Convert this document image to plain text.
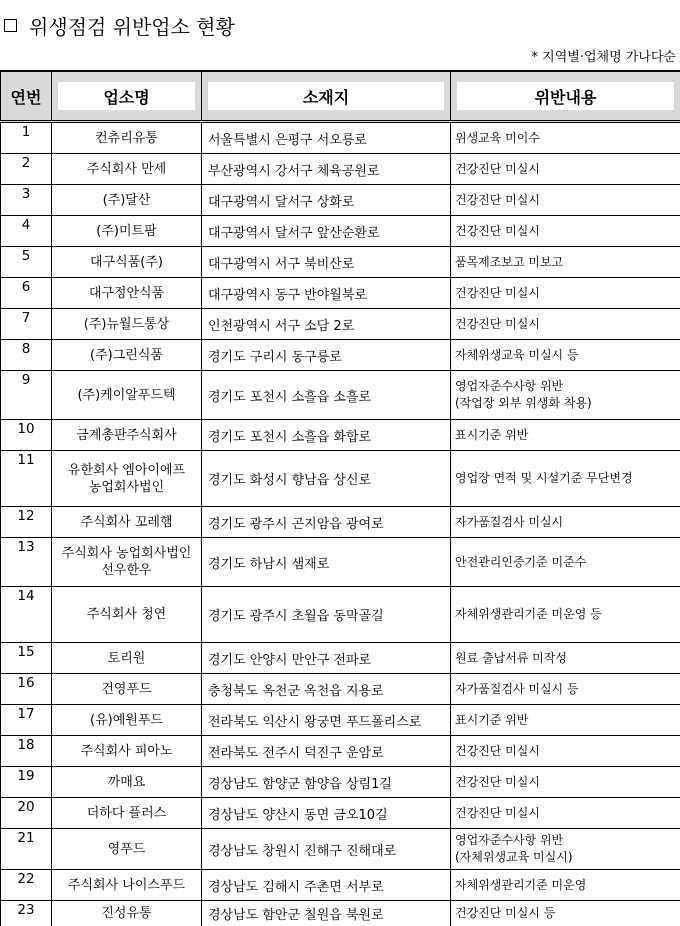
위생점검 위반업소 현황
* 지역별·업체명 가나다순
연번	업소명	소재지	위반내용

1	컨츄리유통	서울특별시 은평구 서오릉로	위생교육 미이수
2	주식회사 만세	부산광역시 강서구 체육공원로	건강진단 미실시
3	(주)달산	대구광역시 달서구 상화로	건강진단 미실시
4	(주)미트팜	대구광역시 달서구 앞산순환로	건강진단 미실시
5	대구식품(주)	대구광역시 서구 북비산로	품목제조보고 미보고
6	대구정안식품	대구광역시 동구 반야월북로	건강진단 미실시
7	(주)뉴월드통상	인천광역시 서구 소담 2로	건강진단 미실시
8	(주)그린식품	경기도 구리시 동구릉로	자체위생교육 미실시 등
9	(주)케이알푸드텍	경기도 포천시 소흘읍 소흘로	영업자준수사항 위반
(작업장 외부 위생화 착용)
10	금계총판주식회사	경기도 포천시 소흘읍 화합로	표시기준 위반
11	유한회사 엠아이에프
농업회사법인	경기도 화성시 향남읍 상신로	영업장 면적 및 시설기준 무단변경
12	주식회사 꼬레햄	경기도 광주시 곤지암읍 광여로	자가품질검사 미실시
13	주식회사 농업회사법인
선우한우	경기도 하남시 샘재로	안전관리인증기준 미준수
14	주식회사 청연	경기도 광주시 초월읍 동막골길	자체위생관리기준 미운영 등
15	토리원	경기도 안양시 만안구 전파로	원료 출납서류 미작성
16	건영푸드	충청북도 옥천군 옥천읍 지용로	자가품질검사 미실시 등
17	(유)예원푸드	전라북도 익산시 왕궁면 푸드폴리스로	표시기준 위반
18	주식회사 피아노	전라북도 전주시 덕진구 운암로	건강진단 미실시
19	까매요	경상남도 함양군 함양읍 상림1길	건강진단 미실시
20	더하다 플러스	경상남도 양산시 동면 금오10길	건강진단 미실시
21	영푸드	경상남도 창원시 진해구 진해대로	영업자준수사항 위반
(자체위생교육 미실시)
22	주식회사 나이스푸드	경상남도 김해시 주촌면 서부로	자체위생관리기준 미운영
23	진성유통	경상남도 함안군 칠원읍 북원로	건강진단 미실시 등
